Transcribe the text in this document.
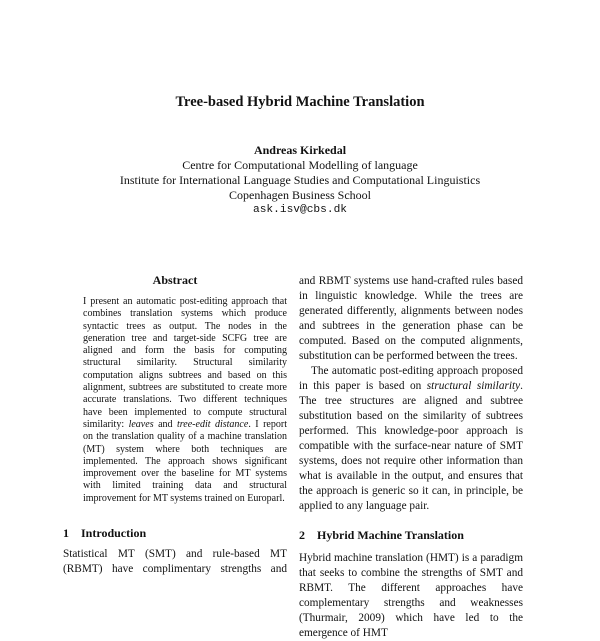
Tree-based Hybrid Machine Translation
Andreas Kirkedal
Centre for Computational Modelling of language
Institute for International Language Studies and Computational Linguistics
Copenhagen Business School
ask.isv@cbs.dk
Abstract
I present an automatic post-editing approach that combines translation systems which produce syntactic trees as output. The nodes in the generation tree and target-side SCFG tree are aligned and form the basis for computing structural similarity. Structural similarity computation aligns subtrees and based on this alignment, subtrees are substituted to create more accurate translations. Two different techniques have been implemented to compute structural similarity: leaves and tree-edit distance. I report on the translation quality of a machine translation (MT) system where both techniques are implemented. The approach shows significant improvement over the baseline for MT systems with limited training data and structural improvement for MT systems trained on Europarl.
1 Introduction
Statistical MT (SMT) and rule-based MT
(RBMT) have complimentary strengths and

and RBMT systems use hand-crafted rules based in linguistic knowledge. While the trees are generated differently, alignments between nodes and subtrees in the generation phase can be computed. Based on the computed alignments, substitution can be performed between the trees.

The automatic post-editing approach proposed in this paper is based on structural similarity. The tree structures are aligned and subtree substitution based on the similarity of subtrees performed. This knowledge-poor approach is compatible with the surface-near nature of SMT systems, does not require other information than what is available in the output, and ensures that the approach is generic so it can, in principle, be applied to any language pair.

2 Hybrid Machine Translation

Hybrid machine translation (HMT) is a paradigm that seeks to combine the strengths of SMT and RBMT. The different approaches have complementary strengths and weaknesses (Thurmair, 2009) which have led to the emergence of HMT
